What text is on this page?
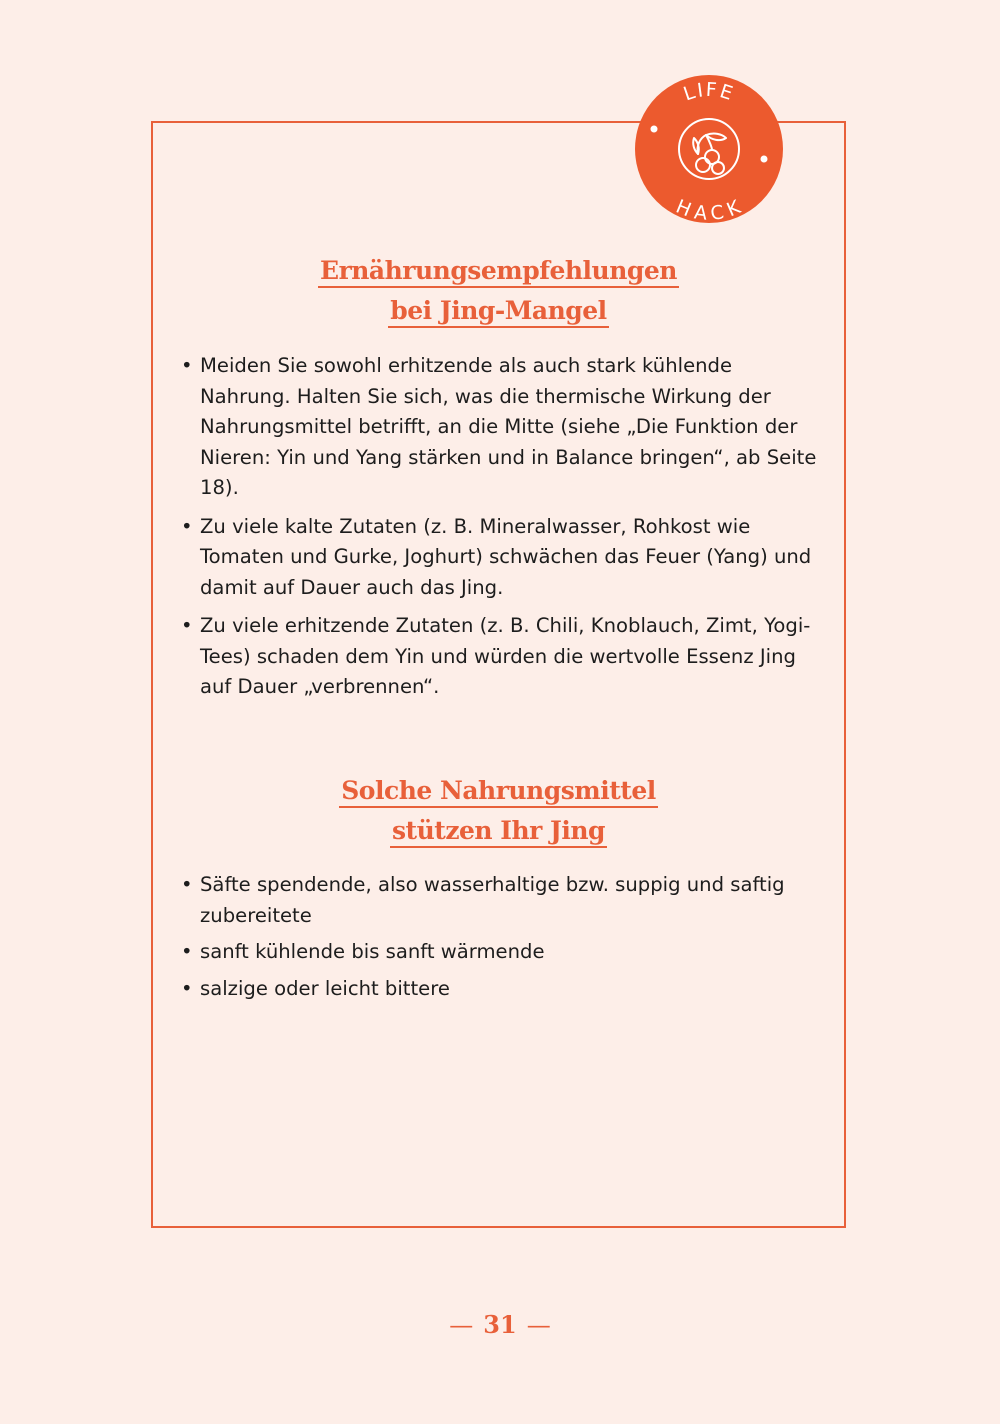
LIFE
HACK
Ernährungsempfehlungen
bei Jing-Mangel
• Meiden Sie sowohl erhitzende als auch stark kühlende Nahrung. Halten Sie sich, was die thermische Wirkung der Nahrungsmittel betrifft, an die Mitte (siehe „Die Funktion der Nieren: Yin und Yang stärken und in Balance bringen“, ab Seite 18).
• Zu viele kalte Zutaten (z. B. Mineralwasser, Rohkost wie Tomaten und Gurke, Joghurt) schwächen das Feuer (Yang) und damit auf Dauer auch das Jing.
• Zu viele erhitzende Zutaten (z. B. Chili, Knoblauch, Zimt, Yogi-Tees) schaden dem Yin und würden die wertvolle Essenz Jing auf Dauer „verbrennen“.
Solche Nahrungsmittel
stützen Ihr Jing
• Säfte spendende, also wasserhaltige bzw. suppig und saftig zubereitete
• sanft kühlende bis sanft wärmende
• salzige oder leicht bittere
— 31 —
